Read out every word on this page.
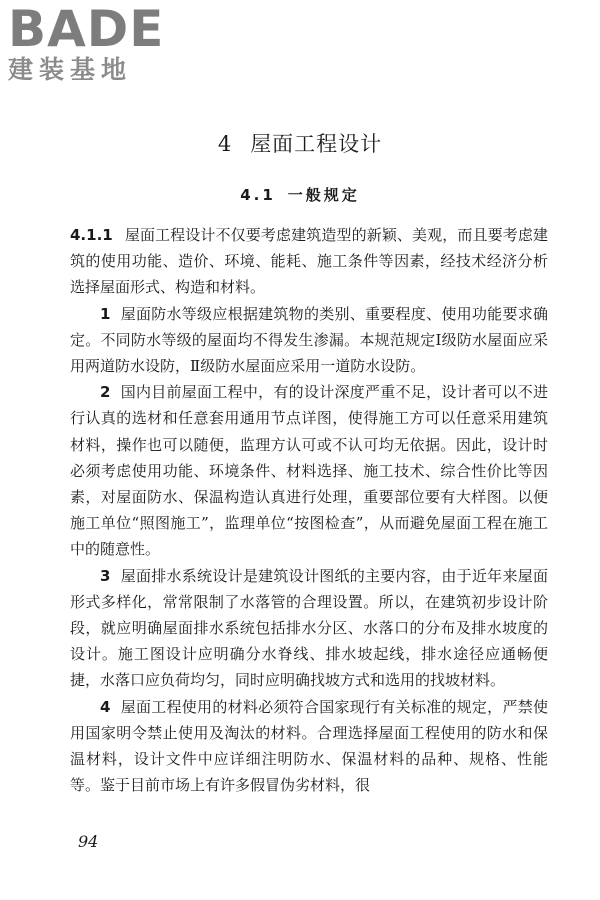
BADE
建装基地
4 屋面工程设计
4.1 一般规定

4.1.1 屋面工程设计不仅要考虑建筑造型的新颖、美观，而且要考虑建筑的使用功能、造价、环境、能耗、施工条件等因素，经技术经济分析选择屋面形式、构造和材料。

1 屋面防水等级应根据建筑物的类别、重要程度、使用功能要求确定。不同防水等级的屋面均不得发生渗漏。本规范规定Ⅰ级防水屋面应采用两道防水设防，Ⅱ级防水屋面应采用一道防水设防。

2 国内目前屋面工程中，有的设计深度严重不足，设计者可以不进行认真的选材和任意套用通用节点详图，使得施工方可以任意采用建筑材料，操作也可以随便，监理方认可或不认可均无依据。因此，设计时必须考虑使用功能、环境条件、材料选择、施工技术、综合性价比等因素，对屋面防水、保温构造认真进行处理，重要部位要有大样图。以便施工单位“照图施工”，监理单位“按图检查”，从而避免屋面工程在施工中的随意性。

3 屋面排水系统设计是建筑设计图纸的主要内容，由于近年来屋面形式多样化，常常限制了水落管的合理设置。所以，在建筑初步设计阶段，就应明确屋面排水系统包括排水分区、水落口的分布及排水坡度的设计。施工图设计应明确分水脊线、排水坡起线，排水途径应通畅便捷，水落口应负荷均匀，同时应明确找坡方式和选用的找坡材料。

4 屋面工程使用的材料必须符合国家现行有关标准的规定，严禁使用国家明令禁止使用及淘汰的材料。合理选择屋面工程使用的防水和保温材料，设计文件中应详细注明防水、保温材料的品种、规格、性能等。鉴于目前市场上有许多假冒伪劣材料，很

94
